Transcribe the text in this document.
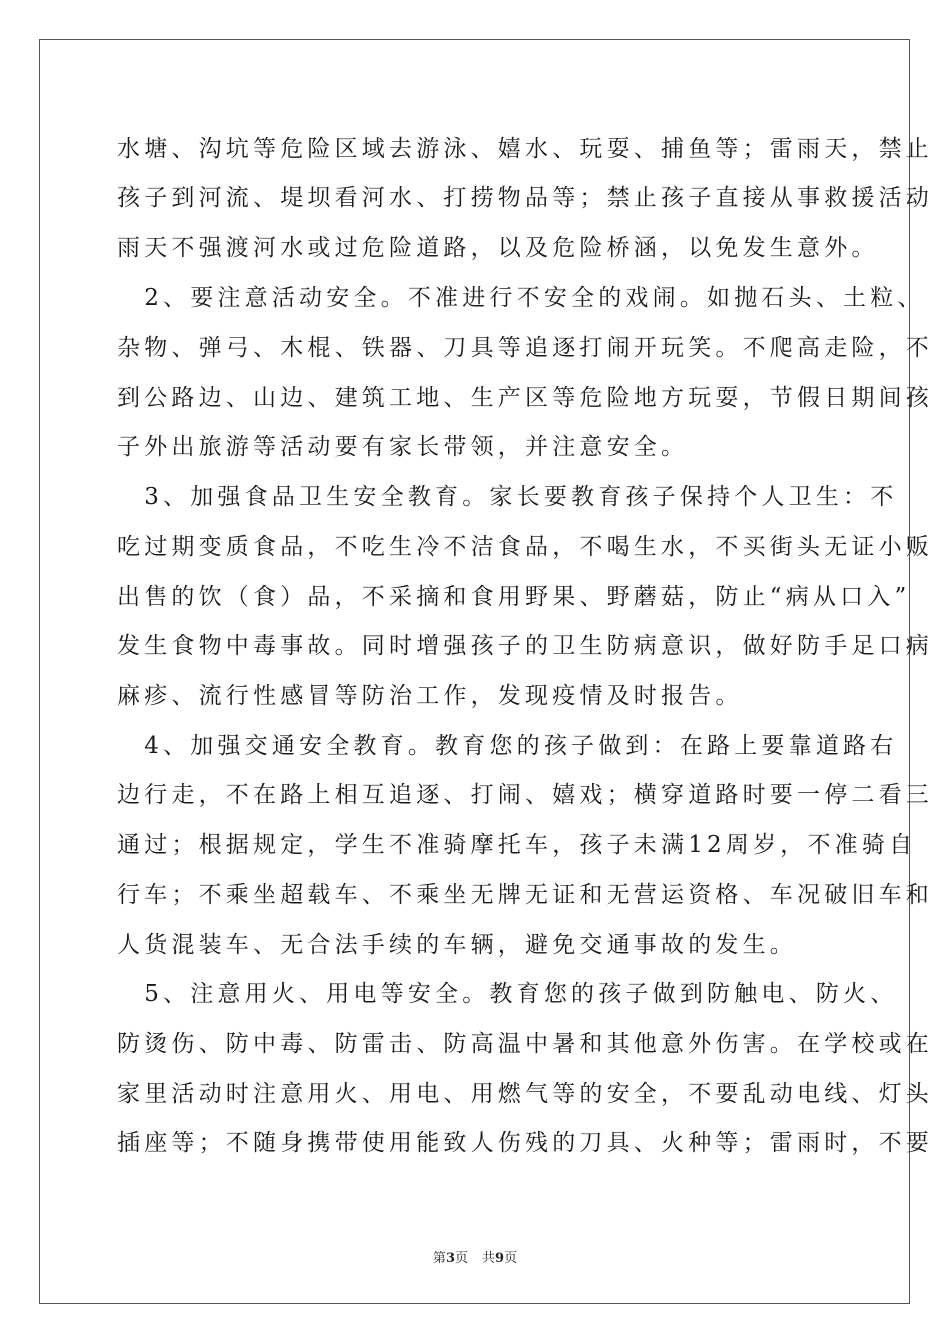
水塘、沟坑等危险区域去游泳、嬉水、玩耍、捕鱼等；雷雨天，禁止
孩子到河流、堤坝看河水、打捞物品等；禁止孩子直接从事救援活动
雨天不强渡河水或过危险道路，以及危险桥涵，以免发生意外。
　2、要注意活动安全。不准进行不安全的戏闹。如抛石头、土粒、
杂物、弹弓、木棍、铁器、刀具等追逐打闹开玩笑。不爬高走险，不
到公路边、山边、建筑工地、生产区等危险地方玩耍，节假日期间孩
子外出旅游等活动要有家长带领，并注意安全。
　3、加强食品卫生安全教育。家长要教育孩子保持个人卫生：不
吃过期变质食品，不吃生冷不洁食品，不喝生水，不买街头无证小贩
出售的饮（食）品，不采摘和食用野果、野蘑菇，防止“病从口入”
发生食物中毒事故。同时增强孩子的卫生防病意识，做好防手足口病
麻疹、流行性感冒等防治工作，发现疫情及时报告。
　4、加强交通安全教育。教育您的孩子做到：在路上要靠道路右
边行走，不在路上相互追逐、打闹、嬉戏；横穿道路时要一停二看三
通过；根据规定，学生不准骑摩托车，孩子未满12周岁，不准骑自
行车；不乘坐超载车、不乘坐无牌无证和无营运资格、车况破旧车和
人货混装车、无合法手续的车辆，避免交通事故的发生。
　5、注意用火、用电等安全。教育您的孩子做到防触电、防火、
防烫伤、防中毒、防雷击、防高温中暑和其他意外伤害。在学校或在
家里活动时注意用火、用电、用燃气等的安全，不要乱动电线、灯头
插座等；不随身携带使用能致人伤残的刀具、火种等；雷雨时，不要
第3页 共9页
